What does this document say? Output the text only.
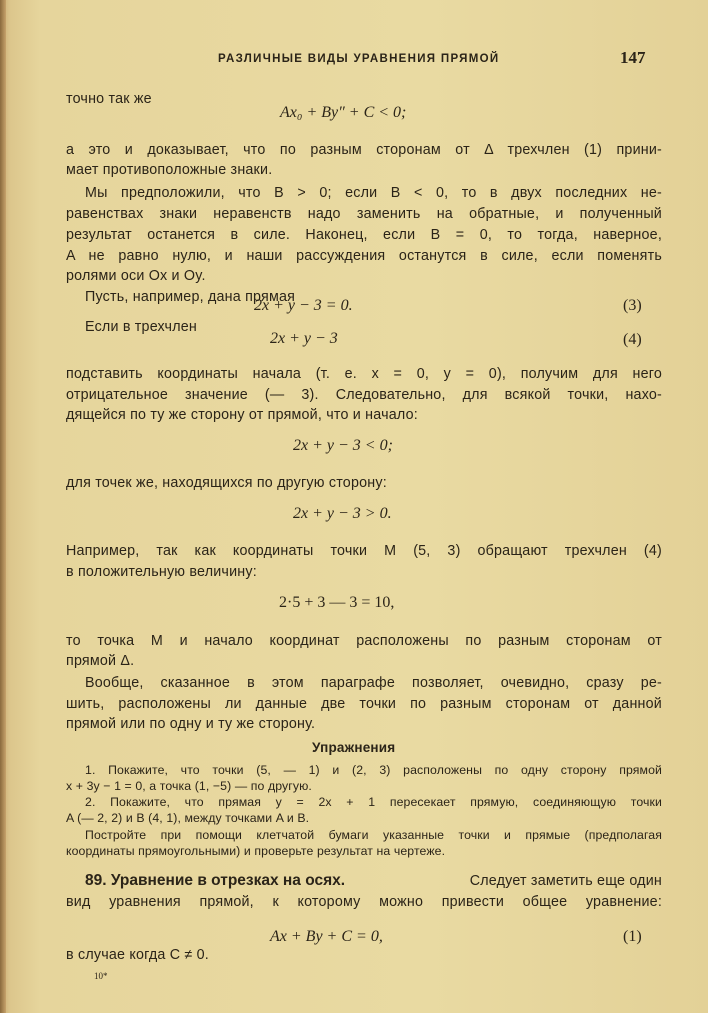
РАЗЛИЧНЫЕ ВИДЫ УРАВНЕНИЯ ПРЯМОЙ	147
точно так же
Ax₀ + By″ + C < 0;
а это и доказывает, что по разным сторонам от Δ трехчлен (1) прини-
мает противоположные знаки.
Мы предположили, что B > 0; если B < 0, то в двух последних не-
равенствах знаки неравенств надо заменить на обратные, и полученный
результат останется в силе. Наконец, если B = 0, то тогда, наверное,
A не равно нулю, и наши рассуждения останутся в силе, если поменять
ролями оси Ox и Oy.
Пусть, например, дана прямая
2x + y − 3 = 0.	(3)
Если в трехчлен
2x + y − 3	(4)
подставить координаты начала (т. е. x = 0, y = 0), получим для него
отрицательное значение (— 3). Следовательно, для всякой точки, нахо-
дящейся по ту же сторону от прямой, что и начало:
2x + y − 3 < 0;
для точек же, находящихся по другую сторону:
2x + y − 3 > 0.
Например, так как координаты точки M (5, 3) обращают трехчлен (4)
в положительную величину:
2·5 + 3 — 3 = 10,
то точка M и начало координат расположены по разным сторонам от
прямой Δ.
Вообще, сказанное в этом параграфе позволяет, очевидно, сразу ре-
шить, расположены ли данные две точки по разным сторонам от данной
прямой или по одну и ту же сторону.
Упражнения
1. Покажите, что точки (5, — 1) и (2, 3) расположены по одну сторону прямой
x + 3y − 1 = 0, а точка (1, −5) — по другую.
2. Покажите, что прямая y = 2x + 1 пересекает прямую, соединяющую точки
A (— 2, 2) и B (4, 1), между точками A и B.
Постройте при помощи клетчатой бумаги указанные точки и прямые (предполагая
координаты прямоугольными) и проверьте результат на чертеже.
89. Уравнение в отрезках на осях.	Следует заметить еще один
вид уравнения прямой, к которому можно привести общее уравнение:
Ax + By + C = 0,	(1)
в случае когда C ≠ 0.
10*
